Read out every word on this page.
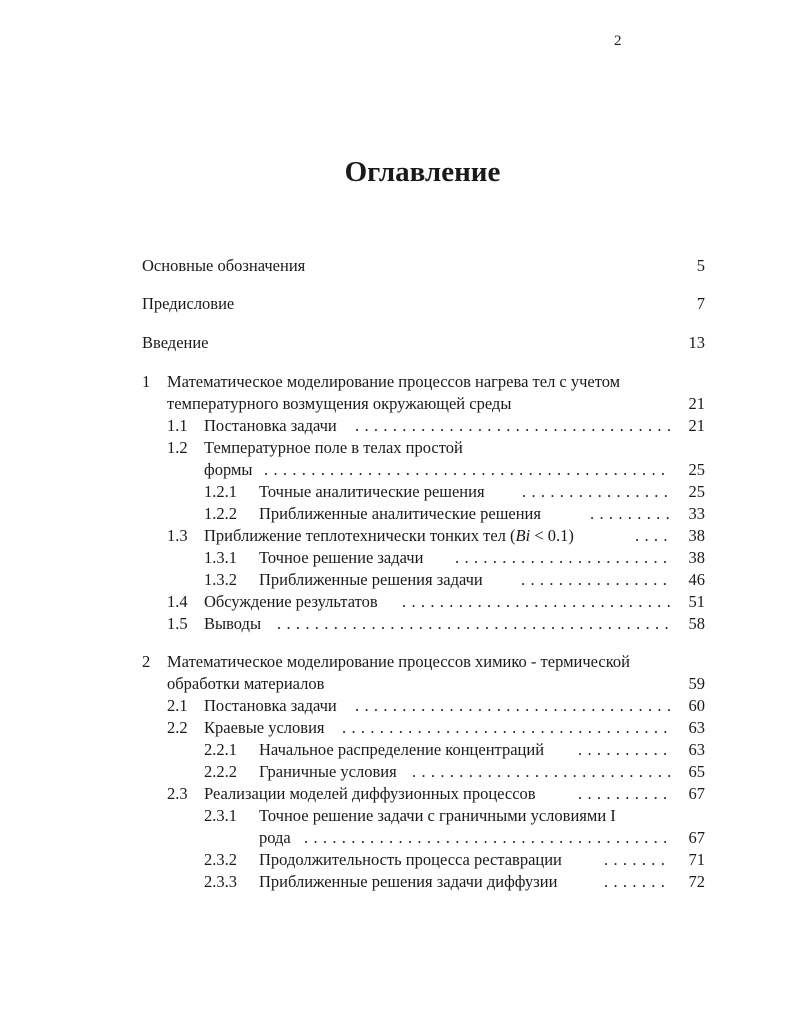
2
Оглавление
Основные обозначения	5
Предисловие	7
Введение	13
1 Математическое моделирование процессов нагрева тел с учетом
температурного возмущения окружающей среды	21
1.1 Постановка задачи . . .	21
1.2 Температурное поле в телах простой
формы . . .	25
1.2.1 Точные аналитические решения . . .	25
1.2.2 Приближенные аналитические решения . . .	33
1.3 Приближение теплотехнически тонких тел (Bi < 0.1) . . .	38
1.3.1 Точное решение задачи . . .	38
1.3.2 Приближенные решения задачи . . .	46
1.4 Обсуждение результатов . . .	51
1.5 Выводы . . .	58
2 Математическое моделирование процессов химико - термической
обработки материалов	59
2.1 Постановка задачи . . .	60
2.2 Краевые условия . . .	63
2.2.1 Начальное распределение концентраций . . .	63
2.2.2 Граничные условия . . .	65
2.3 Реализации моделей диффузионных процессов . . .	67
2.3.1 Точное решение задачи с граничными условиями I
рода . . .	67
2.3.2 Продолжительность процесса реставрации . . .	71
2.3.3 Приближенные решения задачи диффузии . . .	72
